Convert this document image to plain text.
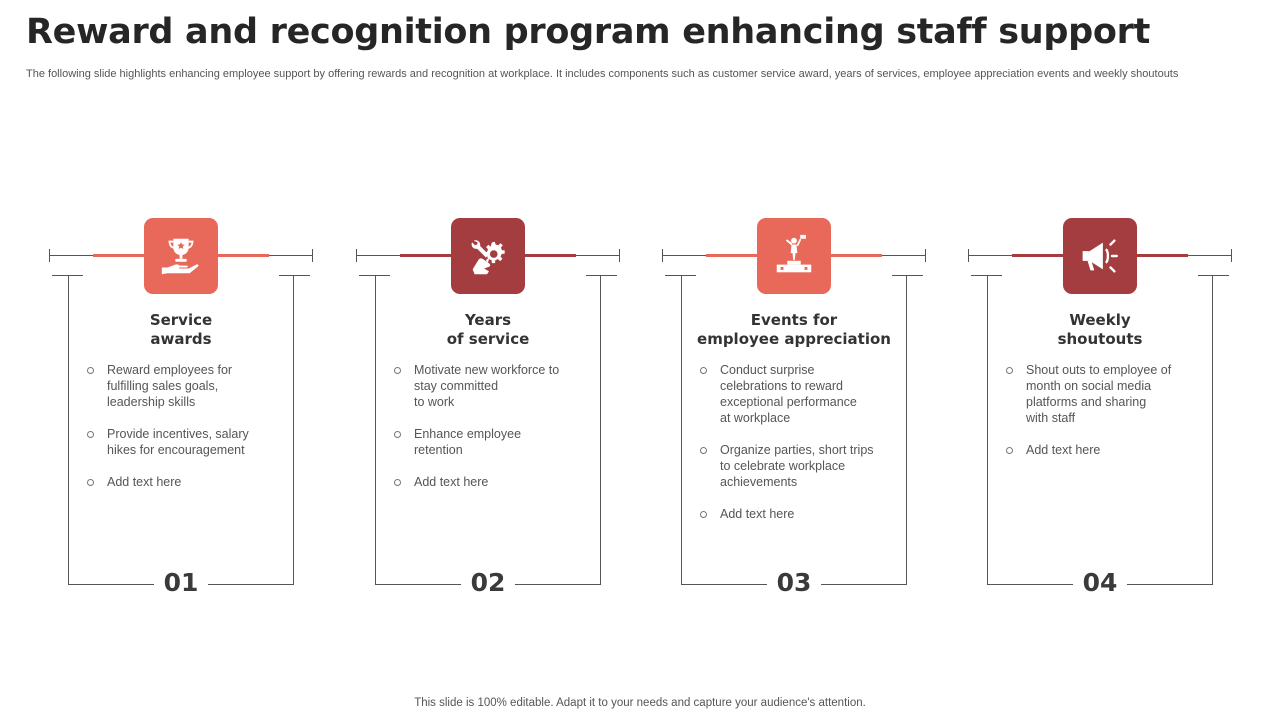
Reward and recognition program enhancing staff support

The following slide highlights enhancing employee support by offering rewards and recognition at workplace. It includes components such as customer service award, years of services, employee appreciation events and weekly shoutouts

Service
awards
Reward employees for
fulfilling sales goals,
leadership skills
Provide incentives, salary
hikes for encouragement
Add text here
01
Years
of service
Motivate new workforce to
stay committed
to work
Enhance employee
retention
Add text here
02
Events for
employee appreciation
Conduct surprise
celebrations to reward
exceptional performance
at workplace
Organize parties, short trips
to celebrate workplace
achievements
Add text here
03
Weekly
shoutouts
Shout outs to employee of
month on social media
platforms and sharing
with staff
Add text here
04
This slide is 100% editable. Adapt it to your needs and capture your audience's attention.
